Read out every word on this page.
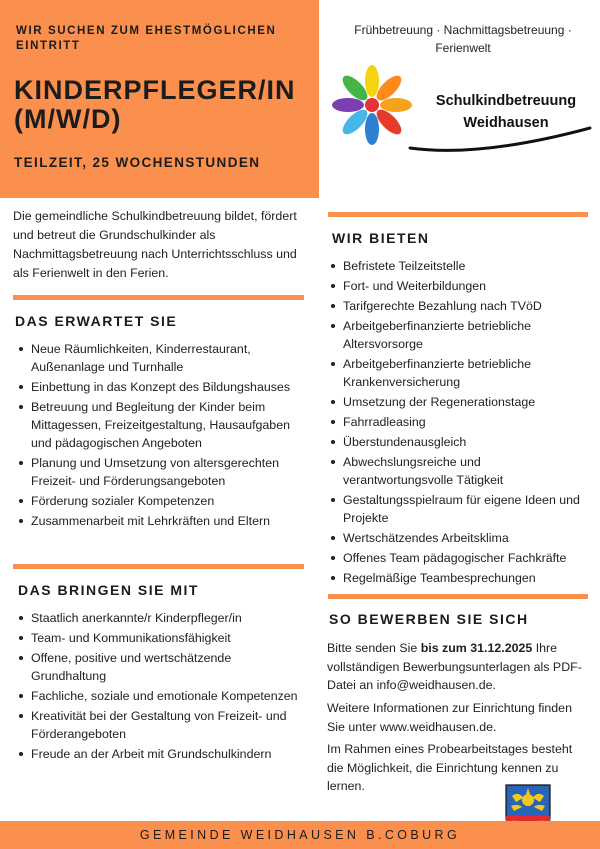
WIR SUCHEN ZUM EHESTMÖGLICHEN EINTRITT
KINDERPFLEGER/IN (M/W/D)
TEILZEIT, 25 WOCHENSTUNDEN
Frühbetreuung · Nachmittagsbetreuung · Ferienwelt
Schulkindbetreuung
Weidhausen
Die gemeindliche Schulkindbetreuung bildet, fördert und betreut die Grundschulkinder als Nachmittagsbetreuung nach Unterrichtsschluss und als Ferienwelt in den Ferien.
DAS ERWARTET SIE
Neue Räumlichkeiten, Kinderrestaurant, Außenanlage und Turnhalle
Einbettung in das Konzept des Bildungshauses
Betreuung und Begleitung der Kinder beim Mittagessen, Freizeitgestaltung, Hausaufgaben und pädagogischen Angeboten
Planung und Umsetzung von altersgerechten Freizeit- und Förderungsangeboten
Förderung sozialer Kompetenzen
Zusammenarbeit mit Lehrkräften und Eltern
DAS BRINGEN SIE MIT
Staatlich anerkannte/r Kinderpfleger/in
Team- und Kommunikationsfähigkeit
Offene, positive und wertschätzende Grundhaltung
Fachliche, soziale und emotionale Kompetenzen
Kreativität bei der Gestaltung von Freizeit- und Förderangeboten
Freude an der Arbeit mit Grundschulkindern
WIR BIETEN
Befristete Teilzeitstelle
Fort- und Weiterbildungen
Tarifgerechte Bezahlung nach TVöD
Arbeitgeberfinanzierte betriebliche Altersvorsorge
Arbeitgeberfinanzierte betriebliche Krankenversicherung
Umsetzung der Regenerationstage
Fahrradleasing
Überstundenausgleich
Abwechslungsreiche und verantwortungsvolle Tätigkeit
Gestaltungsspielraum für eigene Ideen und Projekte
Wertschätzendes Arbeitsklima
Offenes Team pädagogischer Fachkräfte
Regelmäßige Teambesprechungen
SO BEWERBEN SIE SICH
Bitte senden Sie bis zum 31.12.2025 Ihre vollständigen Bewerbungsunterlagen als PDF-Datei an info@weidhausen.de.
Weitere Informationen zur Einrichtung finden Sie unter www.weidhausen.de.
Im Rahmen eines Probearbeitstages besteht die Möglichkeit, die Einrichtung kennen zu lernen.
GEMEINDE WEIDHAUSEN B.COBURG
